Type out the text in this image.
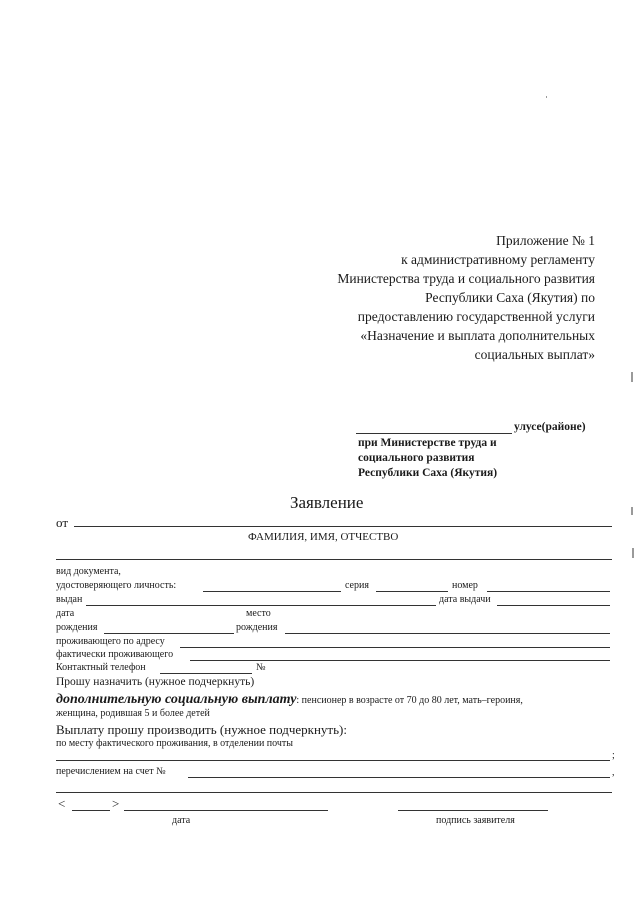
Приложение № 1
к административному регламенту
Министерства труда и социального развития
Республики Саха (Якутия) по
предоставлению государственной услуги
«Назначение и выплата дополнительных
социальных выплат»
улусе(районе)
при Министерстве труда и
социального развития
Республики Саха (Якутия)
Заявление
от
ФАМИЛИЯ, ИМЯ, ОТЧЕСТВО
вид документа,
удостоверяющего личность:	серия	номер
выдан	дата выдачи
дата	место
рождения	рождения
проживающего по адресу
фактически проживающего
Контактный телефон	№
Прошу назначить (нужное подчеркнуть)
дополнительную социальную выплату: пенсионер в возрасте от 70 до 80 лет, мать–героиня,
женщина, родившая 5 и более детей
Выплату прошу производить (нужное подчеркнуть):
по месту фактического проживания, в отделении почты
;
перечислением на счет №	,
<	>
дата	подпись заявителя
